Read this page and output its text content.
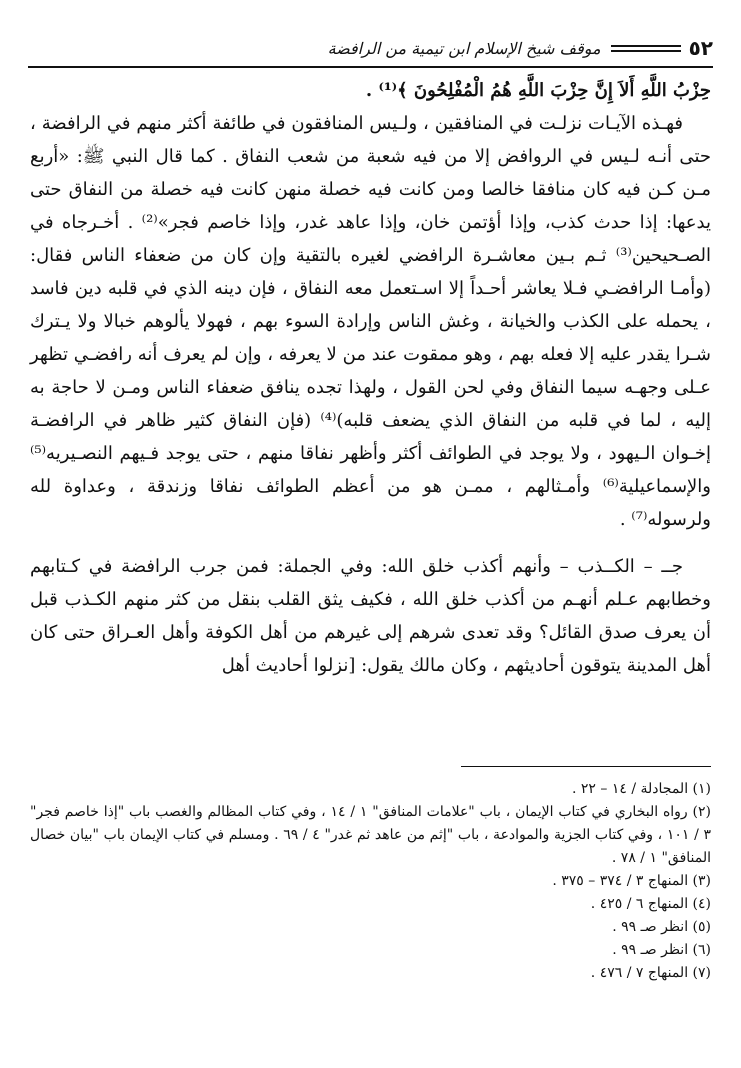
٥٢
موقف شيخ الإسلام ابن تيمية من الرافضة

حِزْبُ اللَّهِ أَلاَ إِنَّ حِزْبَ اللَّهِ هُمُ الْمُفْلِحُونَ ﴾⁽¹⁾ .

فهـذه الآيـات نزلـت في المنافقين ، ولـيس المنافقون في طائفة أكثر منهم في الرافضة ، حتى أنـه لـيس في الروافض إلا من فيه شعبة من شعب النفاق . كما قال النبي ﷺ: «أربع مـن كـن فيه كان منافقا خالصا ومن كانت فيه خصلة منهن كانت فيه خصلة من النفاق حتى يدعها: إذا حدث كذب، وإذا أؤتمن خان، وإذا عاهد غدر، وإذا خاصم فجر»⁽²⁾ . أخـرجاه في الصـحيحين⁽³⁾ ثـم بـين معاشـرة الرافضي لغيره بالتقية وإن كان من ضعفاء الناس فقال: (وأمـا الرافضـي فـلا يعاشر أحـداً إلا اسـتعمل معه النفاق ، فإن دينه الذي في قلبه دين فاسد ، يحمله على الكذب والخيانة ، وغش الناس وإرادة السوء بهم ، فهولا يألوهم خبالا ولا يـترك شـرا يقدر عليه إلا فعله بهم ، وهو ممقوت عند من لا يعرفه ، وإن لم يعرف أنه رافضـي تظهر عـلى وجهـه سيما النفاق وفي لحن القول ، ولهذا تجده ينافق ضعفاء الناس ومـن لا حاجة به إليه ، لما في قلبه من النفاق الذي يضعف قلبه)⁽⁴⁾ (فإن النفاق كثير ظاهر في الرافضـة إخـوان الـيهود ، ولا يوجد في الطوائف أكثر وأظهر نفاقا منهم ، حتى يوجد فـيهم النصـيريه⁽⁵⁾ والإسماعيلية⁽⁶⁾ وأمـثالهم ، ممـن هو من أعظم الطوائف نفاقا وزندقة ، وعداوة لله ولرسوله⁽⁷⁾ .

جــ – الكــذب – وأنهم أكذب خلق الله: وفي الجملة: فمن جرب الرافضة في كـتابهم وخطابهم عـلم أنهـم من أكذب خلق الله ، فكيف يثق القلب بنقل من كثر منهم الكـذب قبل أن يعرف صدق القائل؟ وقد تعدى شرهم إلى غيرهم من أهل الكوفة وأهل العـراق حتى كان أهل المدينة يتوقون أحاديثهم ، وكان مالك يقول: [نزلوا أحاديث أهل

(١) المجادلة / ١٤ – ٢٢ .

(٢) رواه البخاري في كتاب الإيمان ، باب "علامات المنافق" ١ / ١٤ ، وفي كتاب المظالم والغصب باب "إذا خاصم فجر" ٣ / ١٠١ ، وفي كتاب الجزية والموادعة ، باب "إثم من عاهد ثم غدر" ٤ / ٦٩ . ومسلم في كتاب الإيمان باب "بيان خصال المنافق" ١ / ٧٨ .

(٣) المنهاج ٣ / ٣٧٤ – ٣٧٥ .

(٤) المنهاج ٦ / ٤٢٥ .

(٥) انظر صـ ٩٩ .

(٦) انظر صـ ٩٩ .

(٧) المنهاج ٧ / ٤٧٦ .
